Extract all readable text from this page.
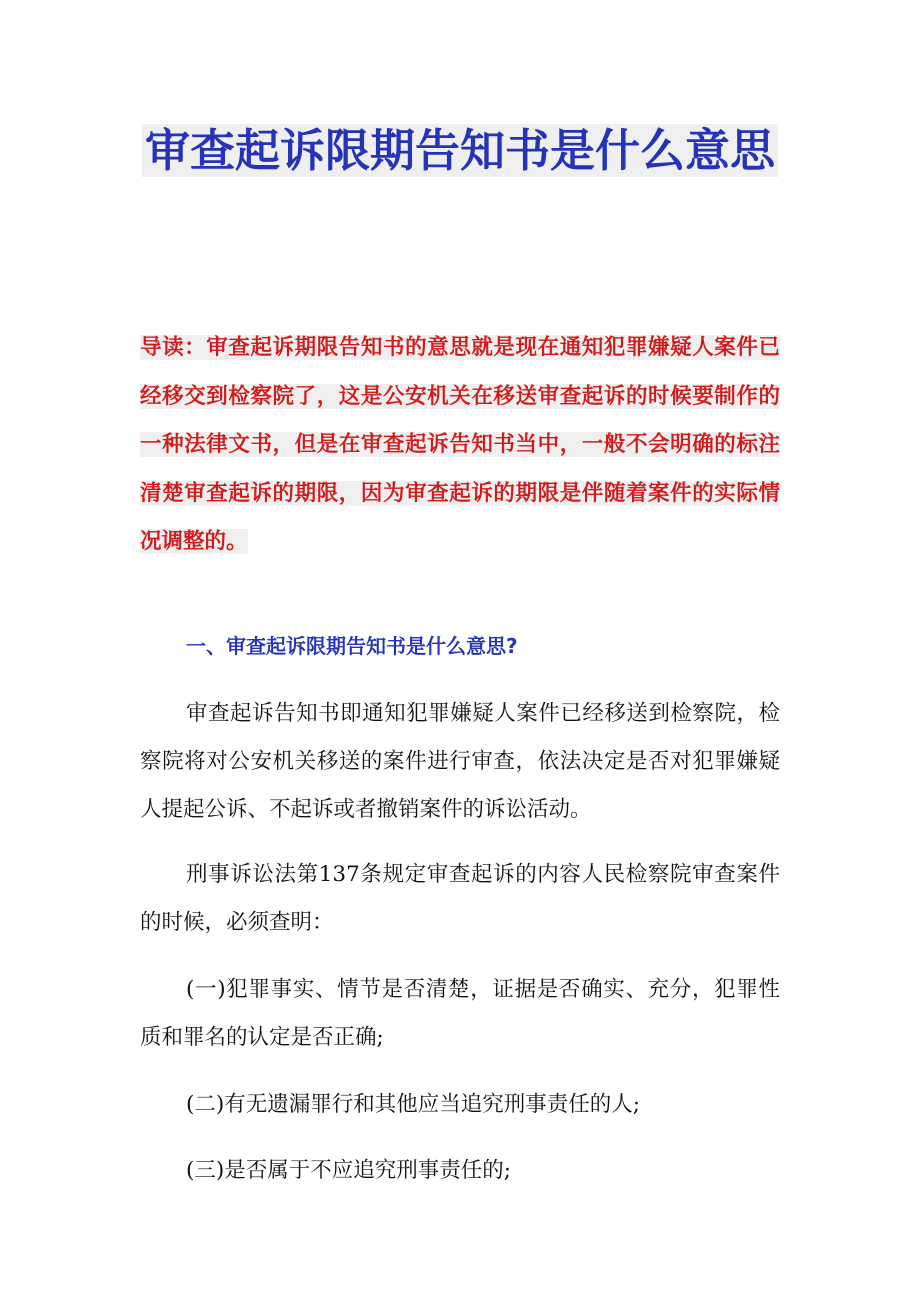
审查起诉限期告知书是什么意思

导读：审查起诉期限告知书的意思就是现在通知犯罪嫌疑人案件已经移交到检察院了，这是公安机关在移送审查起诉的时候要制作的一种法律文书，但是在审查起诉告知书当中，一般不会明确的标注清楚审查起诉的期限，因为审查起诉的期限是伴随着案件的实际情况调整的。

一、审查起诉限期告知书是什么意思?

审查起诉告知书即通知犯罪嫌疑人案件已经移送到检察院，检察院将对公安机关移送的案件进行审查，依法决定是否对犯罪嫌疑人提起公诉、不起诉或者撤销案件的诉讼活动。

刑事诉讼法第137条规定审查起诉的内容人民检察院审查案件的时候，必须查明：

(一)犯罪事实、情节是否清楚，证据是否确实、充分，犯罪性质和罪名的认定是否正确;

(二)有无遗漏罪行和其他应当追究刑事责任的人;

(三)是否属于不应追究刑事责任的;
